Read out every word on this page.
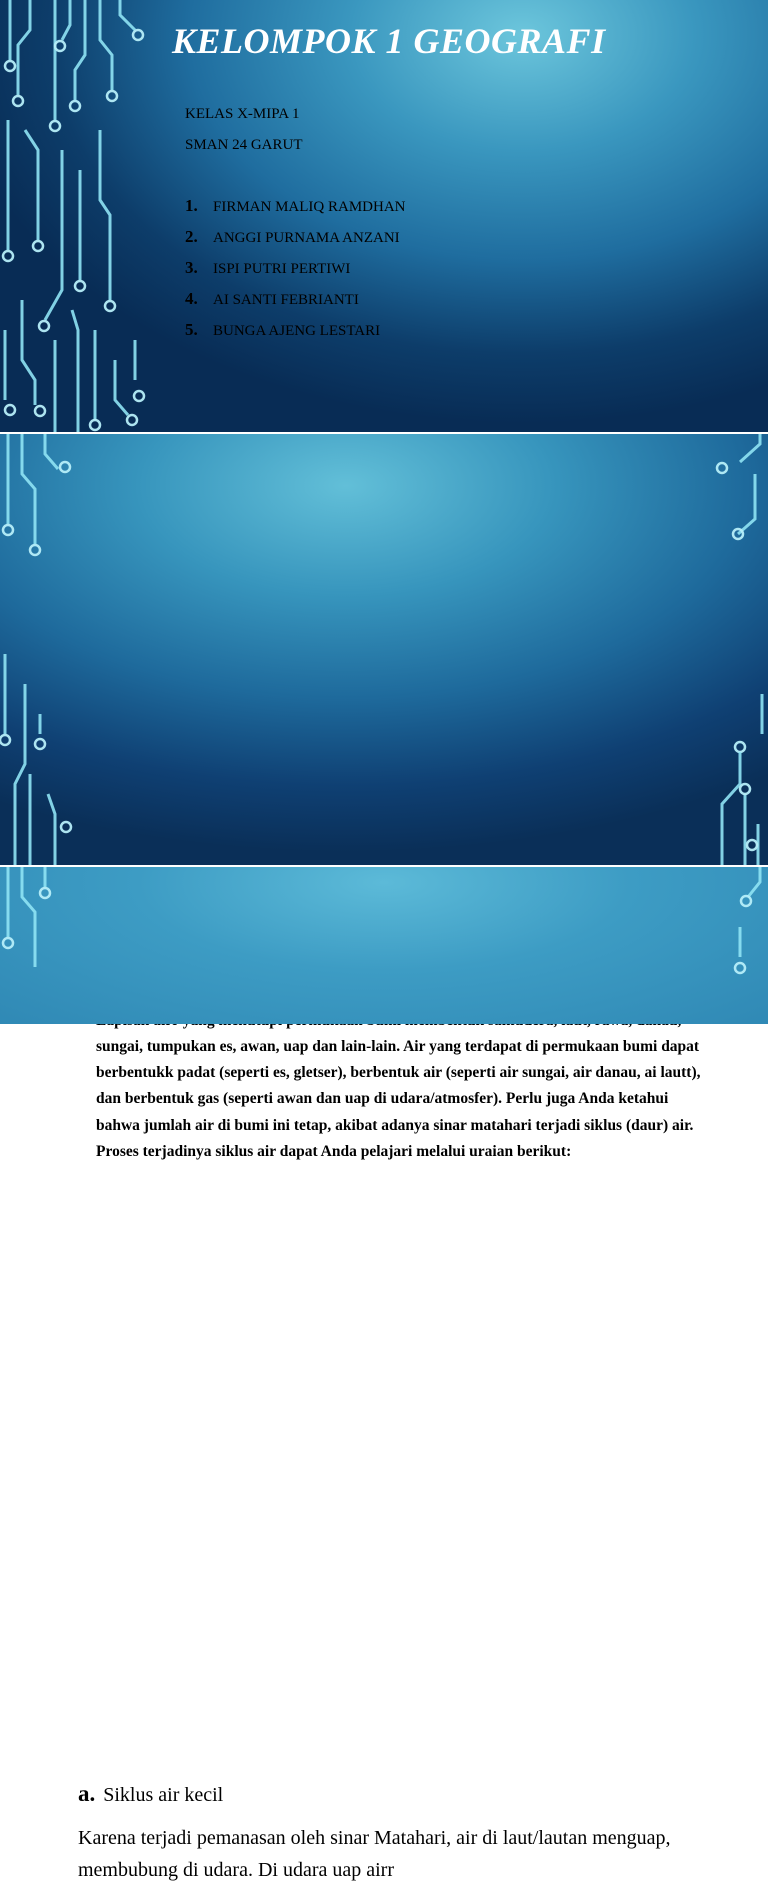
KELOMPOK 1 GEOGRAFI

KELAS X-MIPA 1

SMAN 24 GARUT

1.	FIRMAN MALIQ RAMDHAN
2.	ANGGI PURNAMA ANZANI
3.	ISPI PUTRI PERTIWI
4.	AI SANTI FEBRIANTI
5.	BUNGA AJENG LESTARI

sungai, tumpukan es, awan, uap dan lain-lain. Air yang terdapat di permukaan bumi dapat berbentukk padat (seperti es, gletser), berbentuk air (seperti air sungai, air danau, ai lautt), dan berbentuk gas (seperti awan dan uap di udara/atmosfer). Perlu juga Anda ketahui bahwa jumlah air di bumi ini tetap, akibat adanya sinar matahari terjadi siklus (daur) air. Proses terjadinya siklus air dapat Anda pelajari melalui uraian berikut:

a. Siklus air kecil

Karena terjadi pemanasan oleh sinar Matahari, air di laut/lautan menguap, membubung di udara. Di udara uap airr
